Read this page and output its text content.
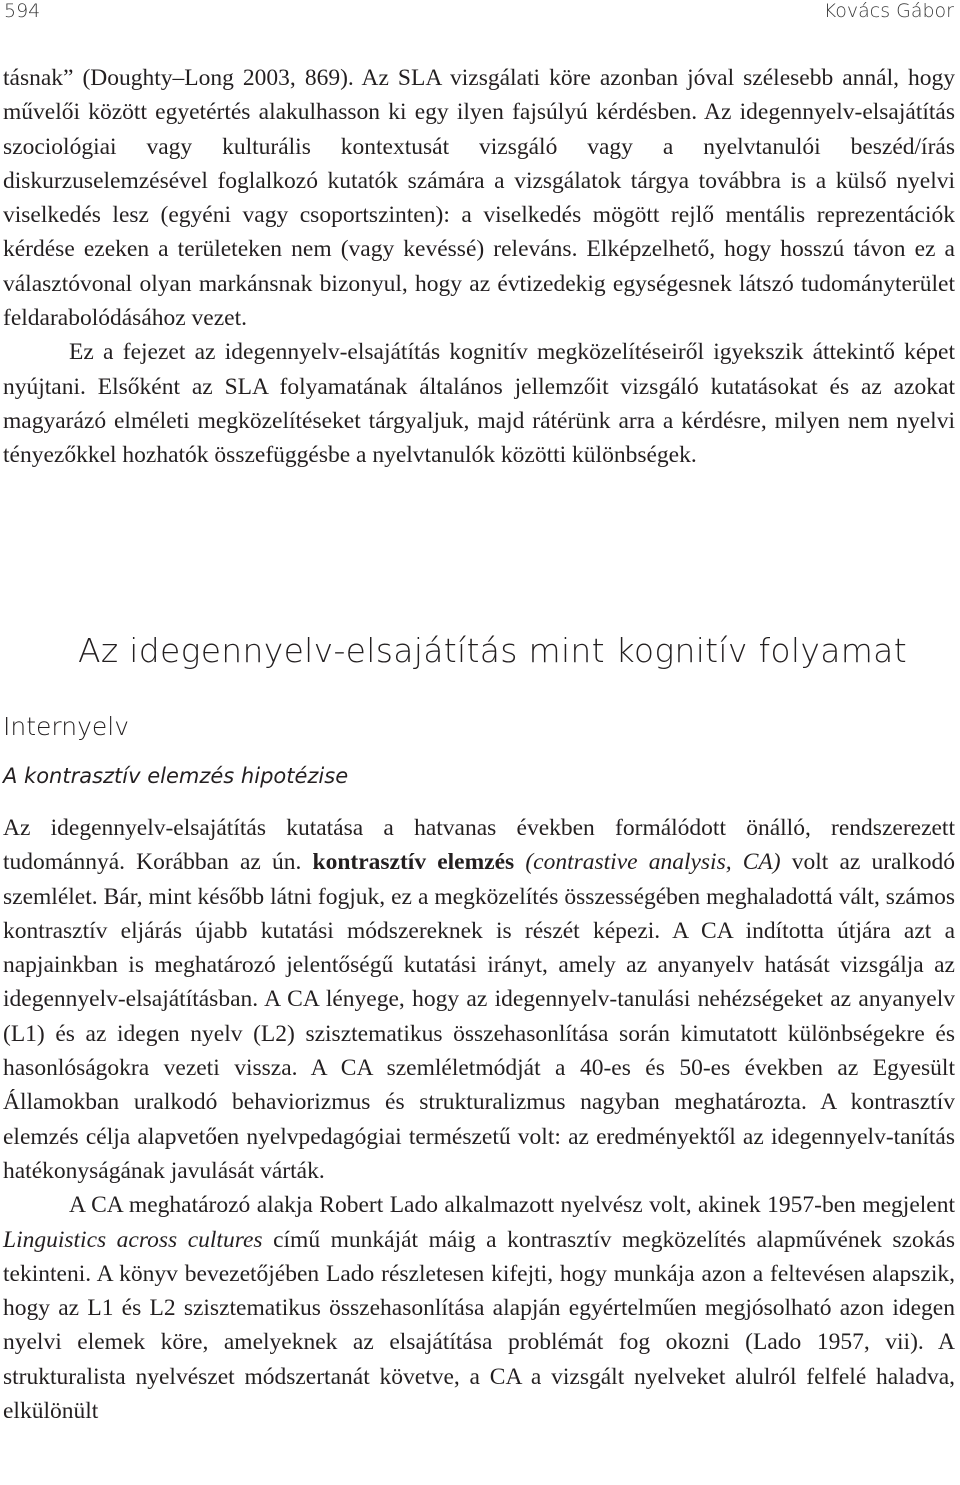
594	Kovács Gábor

tásnak” (Doughty–Long 2003, 869). Az SLA vizsgálati köre azonban jóval szélesebb annál, hogy művelői között egyetértés alakulhasson ki egy ilyen fajsúlyú kérdésben. Az idegennyelv-elsajátítás szociológiai vagy kulturális kontextusát vizsgáló vagy a nyelvtanulói beszéd/írás diskurzuselemzésével foglalkozó kutatók számára a vizsgálatok tárgya továbbra is a külső nyelvi viselkedés lesz (egyéni vagy csoportszinten): a viselkedés mögött rejlő mentális reprezentációk kérdése ezeken a területeken nem (vagy kevéssé) releváns. Elképzelhető, hogy hosszú távon ez a választóvonal olyan markánsnak bizonyul, hogy az évtizedekig egységesnek látszó tudományterület feldarabolódásához vezet.

Ez a fejezet az idegennyelv-elsajátítás kognitív megközelítéseiről igyekszik áttekintő képet nyújtani. Elsőként az SLA folyamatának általános jellemzőit vizsgáló kutatásokat és az azokat magyarázó elméleti megközelítéseket tárgyaljuk, majd rátérünk arra a kérdésre, milyen nem nyelvi tényezőkkel hozhatók összefüggésbe a nyelvtanulók közötti különbségek.

Az idegennyelv-elsajátítás mint kognitív folyamat
Internyelv
A kontrasztív elemzés hipotézise

Az idegennyelv-elsajátítás kutatása a hatvanas években formálódott önálló, rendszerezett tudománnyá. Korábban az ún. kontrasztív elemzés (contrastive analysis, CA) volt az uralkodó szemlélet. Bár, mint később látni fogjuk, ez a megközelítés összességében meghaladottá vált, számos kontrasztív eljárás újabb kutatási módszereknek is részét képezi. A CA indította útjára azt a napjainkban is meghatározó jelentőségű kutatási irányt, amely az anyanyelv hatását vizsgálja az idegennyelv-elsajátításban. A CA lényege, hogy az idegennyelv-tanulási nehézségeket az anyanyelv (L1) és az idegen nyelv (L2) szisztematikus összehasonlítása során kimutatott különbségekre és hasonlóságokra vezeti vissza. A CA szemléletmódját a 40-es és 50-es években az Egyesült Államokban uralkodó behaviorizmus és strukturalizmus nagyban meghatározta. A kontrasztív elemzés célja alapvetően nyelvpedagógiai természetű volt: az eredményektől az idegennyelv-tanítás hatékonyságának javulását várták.

A CA meghatározó alakja Robert Lado alkalmazott nyelvész volt, akinek 1957-ben megjelent Linguistics across cultures című munkáját máig a kontrasztív megközelítés alapművének szokás tekinteni. A könyv bevezetőjében Lado részletesen kifejti, hogy munkája azon a feltevésen alapszik, hogy az L1 és L2 szisztematikus összehasonlítása alapján egyértelműen megjósolható azon idegen nyelvi elemek köre, amelyeknek az elsajátítása problémát fog okozni (Lado 1957, vii). A strukturalista nyelvészet módszertanát követve, a CA a vizsgált nyelveket alulról felfelé haladva, elkülönült
